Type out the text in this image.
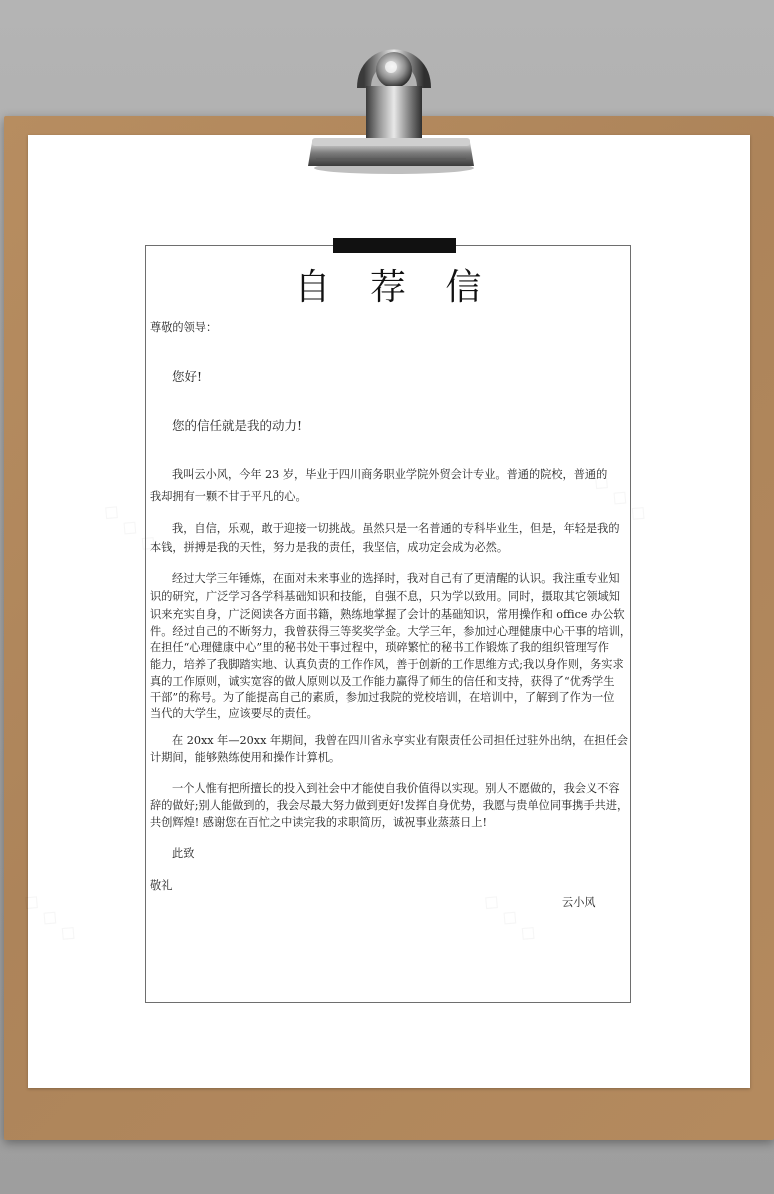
自 荐 信
尊敬的领导：
您好!
您的信任就是我的动力!
我叫云小风，今年 23 岁，毕业于四川商务职业学院外贸会计专业。普通的院校，普通的
我却拥有一颗不甘于平凡的心。
我，自信，乐观，敢于迎接一切挑战。虽然只是一名普通的专科毕业生，但是，年轻是我的
本钱，拼搏是我的天性，努力是我的责任，我坚信，成功定会成为必然。
经过大学三年锤炼，在面对未来事业的选择时，我对自己有了更清醒的认识。我注重专业知
识的研究，广泛学习各学科基础知识和技能，自强不息，只为学以致用。同时，摄取其它领域知
识来充实自身，广泛阅读各方面书籍，熟练地掌握了会计的基础知识，常用操作和 office 办公软
件。经过自己的不断努力，我曾获得三等奖奖学金。大学三年，参加过心理健康中心干事的培训，
在担任“心理健康中心”里的秘书处干事过程中，琐碎繁忙的秘书工作锻炼了我的组织管理写作
能力，培养了我脚踏实地、认真负责的工作作风，善于创新的工作思维方式;我以身作则，务实求
真的工作原则，诚实宽容的做人原则以及工作能力赢得了师生的信任和支持，获得了“优秀学生
干部”的称号。为了能提高自己的素质，参加过我院的党校培训，在培训中，了解到了作为一位
当代的大学生，应该要尽的责任。
在 20xx 年—20xx 年期间，我曾在四川省永亨实业有限责任公司担任过驻外出纳，在担任会
计期间，能够熟练使用和操作计算机。
一个人惟有把所擅长的投入到社会中才能使自我价值得以实现。别人不愿做的，我会义不容
辞的做好;别人能做到的，我会尽最大努力做到更好!发挥自身优势，我愿与贵单位同事携手共进，
共创辉煌! 感谢您在百忙之中读完我的求职简历，诚祝事业蒸蒸日上!
此致
敬礼
云小风
